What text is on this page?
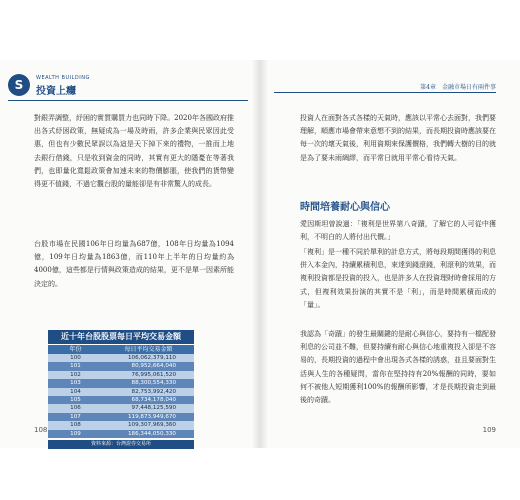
S	WEALTH BUILDING
投資上癮
對銀弄調整，紓困的實質購買力也同時下降。2020年各國政府推出各式紓困政策，無疑成為一場及時雨，許多企業與民眾因此受惠，但也有少數民眾誤以為這是天下掉下來的禮物，一推而上地去銀行借錢，只是收到資金的同時，其實有更大的隱憂在等著我們，也即量化寬鬆政策會加速未來的物價膨脹，使我們的貨幣變得更不值錢，不過它觀台股的量能卻是有非常驚人的成長。
台股市場在民國106年日均量為687億，108年日均量為1094億，109年日均量為1863億，而110年上半年的日均量約為4000億，這些都是行情與政策造成的結果，更不是單一因素所能決定的。
近十年台股股票每日平均交易金額
年份	每日平均交易金額
100	106,062,379,110
101	80,952,664,040
102	76,995,061,520
103	88,300,554,330
104	82,753,992,420
105	68,734,178,040
106	97,448,125,590
107	119,873,949,670
108	109,307,969,360
109	186,344,050,330
資料來源：台灣證券交易所
108
第4章　金融市場日有兩件事
投資人在面對各式各樣的天氣時，應該以平常心去面對，我們要理解，順應市場會帶來意想不到的結果，而長期投資時應該要在每一次的壞天氣後，利用資期來保護價格，我們轉大樹的目的就是為了要未雨綢繆，而平常日就用平常心看待天氣。
時間培養耐心與信心
愛因斯坦曾說過：「複利是世界第八奇蹟，了解它的人可從中獲利，不明白的人將付出代價。」
「複利」是一種不同於單利的計息方式，將每段期間獲得的利息併入本金內，持續累積利息，來達到錢滾錢，利滾利的效果，而複利投資都是投資的投入，也是許多人在投資理財時會採用的方式，但複利效果扮演的其實不是「利」，而是時間累積而成的「量」。
我認為「奇蹟」的發生最關鍵的是耐心與信心，要持有一檔配發利息的公司並不難，但要持續有耐心與信心地重複投入卻是不容易的，長期投資的過程中會出現各式各樣的誘惑，並且要面對生活與人生的各種疑問，當你在堅持持有20%報酬的同時，要如何不被他人短期獲利100%的報酬所影響，才是長期投資走到最後的奇蹟。
109
